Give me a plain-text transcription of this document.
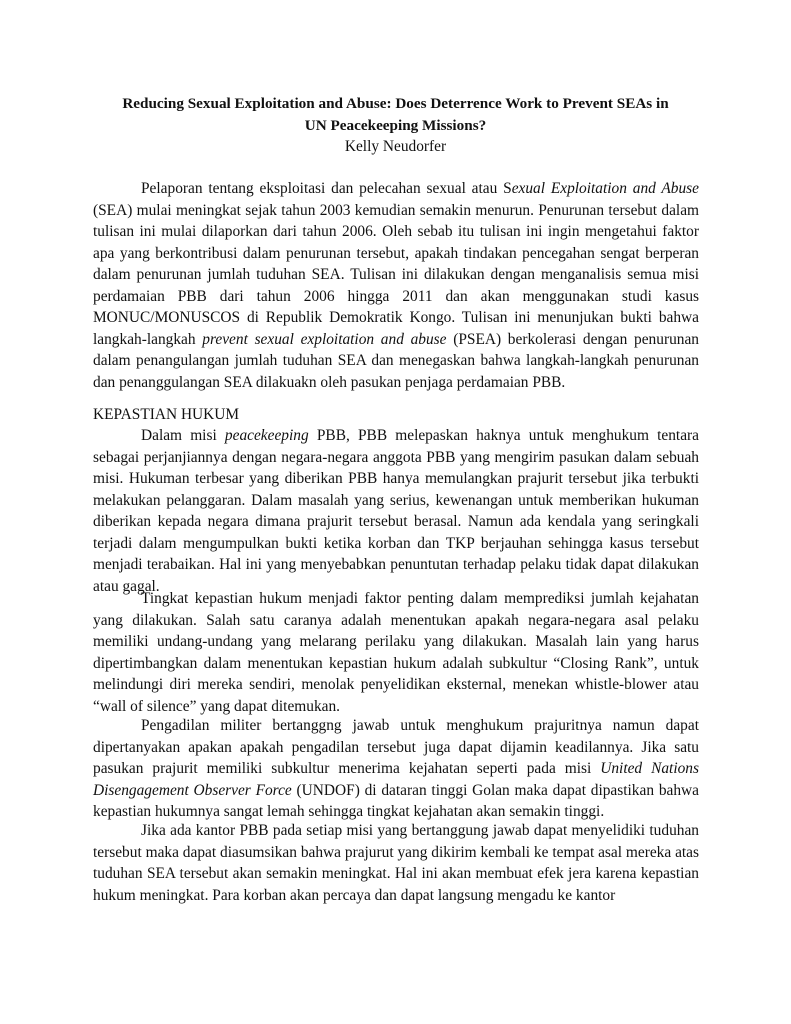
Reducing Sexual Exploitation and Abuse: Does Deterrence Work to Prevent SEAs in
UN Peacekeeping Missions?

Kelly Neudorfer

Pelaporan tentang eksploitasi dan pelecahan sexual atau Sexual Exploitation and Abuse (SEA) mulai meningkat sejak tahun 2003 kemudian semakin menurun. Penurunan tersebut dalam tulisan ini mulai dilaporkan dari tahun 2006. Oleh sebab itu tulisan ini ingin mengetahui faktor apa yang berkontribusi dalam penurunan tersebut, apakah tindakan pencegahan sengat berperan dalam penurunan jumlah tuduhan SEA. Tulisan ini dilakukan dengan menganalisis semua misi perdamaian PBB dari tahun 2006 hingga 2011 dan akan menggunakan studi kasus MONUC/MONUSCOS di Republik Demokratik Kongo. Tulisan ini menunjukan bukti bahwa langkah-langkah prevent sexual exploitation and abuse (PSEA) berkolerasi dengan penurunan dalam penangulangan jumlah tuduhan SEA dan menegaskan bahwa langkah-langkah penurunan dan penanggulangan SEA dilakuakn oleh pasukan penjaga perdamaian PBB.

KEPASTIAN HUKUM

Dalam misi peacekeeping PBB, PBB melepaskan haknya untuk menghukum tentara sebagai perjanjiannya dengan negara-negara anggota PBB yang mengirim pasukan dalam sebuah misi. Hukuman terbesar yang diberikan PBB hanya memulangkan prajurit tersebut jika terbukti melakukan pelanggaran. Dalam masalah yang serius, kewenangan untuk memberikan hukuman diberikan kepada negara dimana prajurit tersebut berasal. Namun ada kendala yang seringkali terjadi dalam mengumpulkan bukti ketika korban dan TKP berjauhan sehingga kasus tersebut menjadi terabaikan. Hal ini yang menyebabkan penuntutan terhadap pelaku tidak dapat dilakukan atau gagal.

Tingkat kepastian hukum menjadi faktor penting dalam memprediksi jumlah kejahatan yang dilakukan. Salah satu caranya adalah menentukan apakah negara-negara asal pelaku memiliki undang-undang yang melarang perilaku yang dilakukan. Masalah lain yang harus dipertimbangkan dalam menentukan kepastian hukum adalah subkultur “Closing Rank”, untuk melindungi diri mereka sendiri, menolak penyelidikan eksternal, menekan whistle-blower atau “wall of silence” yang dapat ditemukan.

Pengadilan militer bertanggng jawab untuk menghukum prajuritnya namun dapat dipertanyakan apakan apakah pengadilan tersebut juga dapat dijamin keadilannya. Jika satu pasukan prajurit memiliki subkultur menerima kejahatan seperti pada misi United Nations Disengagement Observer Force (UNDOF) di dataran tinggi Golan maka dapat dipastikan bahwa kepastian hukumnya sangat lemah sehingga tingkat kejahatan akan semakin tinggi.

Jika ada kantor PBB pada setiap misi yang bertanggung jawab dapat menyelidiki tuduhan tersebut maka dapat diasumsikan bahwa prajurut yang dikirim kembali ke tempat asal mereka atas tuduhan SEA tersebut akan semakin meningkat. Hal ini akan membuat efek jera karena kepastian hukum meningkat. Para korban akan percaya dan dapat langsung mengadu ke kantor
